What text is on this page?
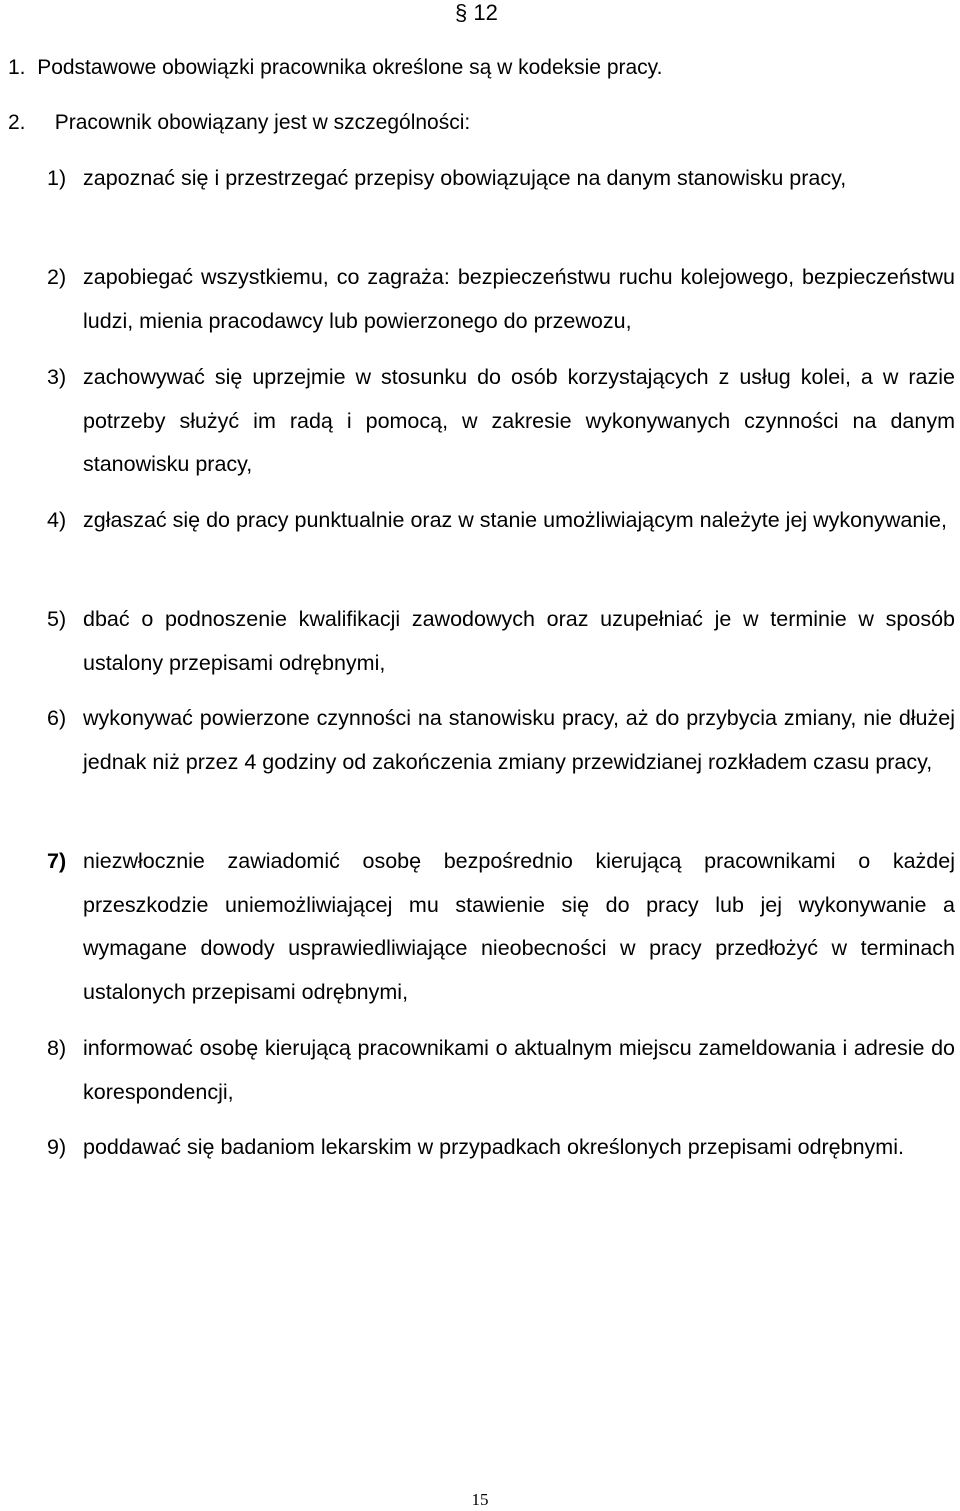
§ 12
1. Podstawowe obowiązki pracownika określone są w kodeksie pracy.
2. Pracownik obowiązany jest w szczególności:
1) zapoznać się i przestrzegać przepisy obowiązujące na danym stanowisku pracy,
2) zapobiegać wszystkiemu, co zagraża: bezpieczeństwu ruchu kolejowego, bezpieczeństwu ludzi, mienia pracodawcy lub powierzonego do przewozu,
3) zachowywać się uprzejmie w stosunku do osób korzystających z usług kolei, a w razie potrzeby służyć im radą i pomocą, w zakresie wykonywanych czynności na danym stanowisku pracy,
4) zgłaszać się do pracy punktualnie oraz w stanie umożliwiającym należyte jej wykonywanie,
5) dbać o podnoszenie kwalifikacji zawodowych oraz uzupełniać je w terminie w sposób ustalony przepisami odrębnymi,
6) wykonywać powierzone czynności na stanowisku pracy, aż do przybycia zmiany, nie dłużej jednak niż przez 4 godziny od zakończenia zmiany przewidzianej rozkładem czasu pracy,
7) niezwłocznie zawiadomić osobę bezpośrednio kierującą pracownikami o każdej przeszkodzie uniemożliwiającej mu stawienie się do pracy lub jej wykonywanie a wymagane dowody usprawiedliwiające nieobecności w pracy przedłożyć w terminach ustalonych przepisami odrębnymi,
8) informować osobę kierującą pracownikami o aktualnym miejscu zameldowania i adresie do korespondencji,
9) poddawać się badaniom lekarskim w przypadkach określonych przepisami odrębnymi.
15
